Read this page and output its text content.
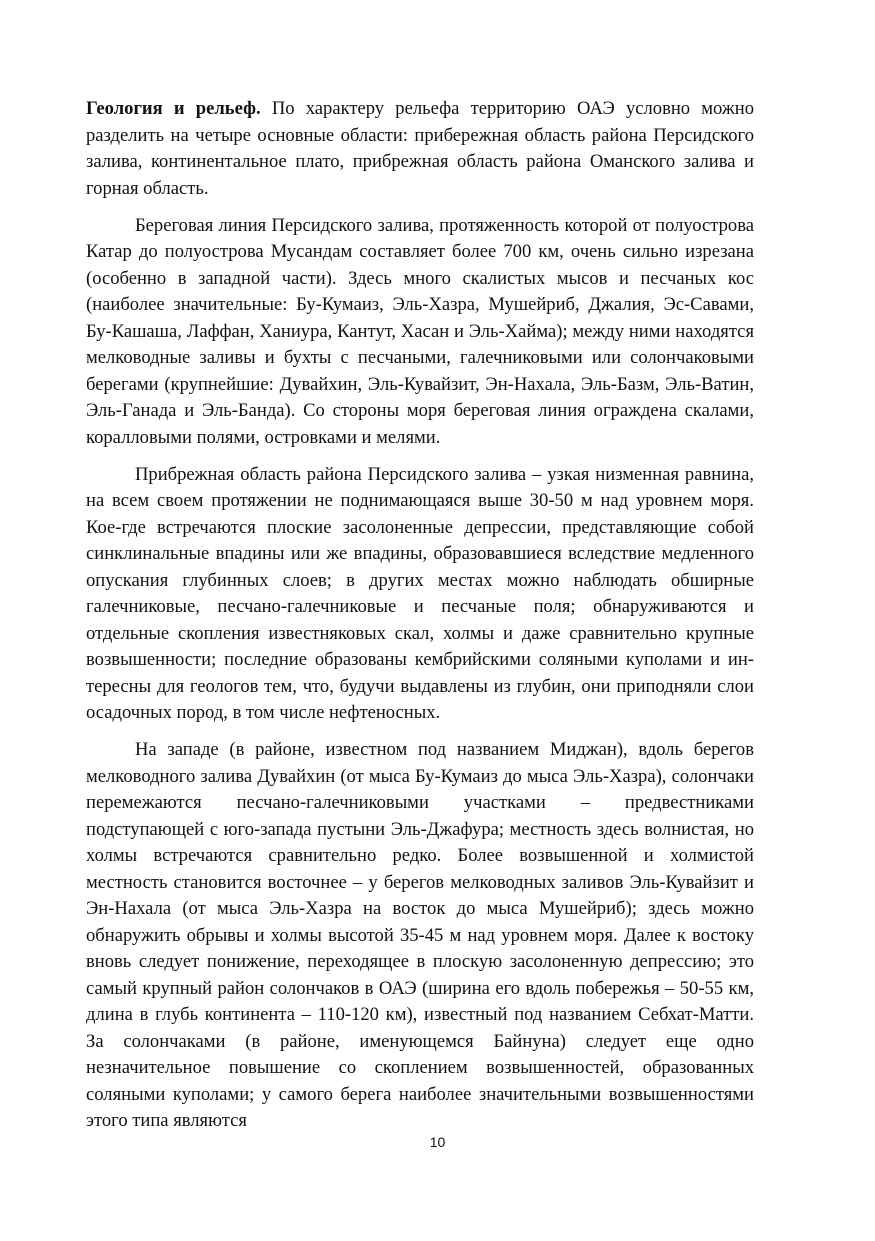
Геология и рельеф. По характеру рельефа территорию ОАЭ условно можно разделить на четыре основные области: прибережная область района Персидского залива, континентальное плато, прибрежная область района Оманского залива и горная область.

Береговая линия Персидского залива, протяженность которой от полуострова Катар до полуострова Мусандам составляет более 700 км, очень сильно изрезана (особенно в западной части). Здесь много скалистых мысов и песчаных кос (наиболее значительные: Бу-Кумаиз, Эль-Хазра, Мушейриб, Джалия, Эс-Савами, Бу-Кашаша, Лаффан, Ханиура, Кантут, Хасан и Эль-Хайма); между ними находятся мелководные заливы и бухты с песчаными, галечниковыми или солончаковыми берегами (крупнейшие: Дувайхин, Эль-Кувайзит, Эн-Нахала, Эль-Базм, Эль-Ватин, Эль-Ганада и Эль-Банда). Со стороны моря береговая линия ограждена скалами, коралловыми полями, островками и мелями.

Прибрежная область района Персидского залива – узкая низменная равнина, на всем своем протяжении не поднимающаяся выше 30-50 м над уровнем моря. Кое-где встречаются плоские засолоненные депрессии, представляющие собой синклинальные впадины или же впадины, образовавшиеся вследствие медленного опускания глубинных слоев; в других местах можно наблюдать обширные галечниковые, песчано-галечниковые и песчаные поля; обнаруживаются и отдельные скопления известняковых скал, холмы и даже сравнительно крупные возвышенности; последние образованы кембрийскими соляными куполами и интересны для геологов тем, что, будучи выдавлены из глубин, они приподняли слои осадочных пород, в том числе нефтеносных.

На западе (в районе, известном под названием Миджан), вдоль берегов мелководного залива Дувайхин (от мыса Бу-Кумаиз до мыса Эль-Хазра), солончаки перемежаются песчано-галечниковыми участками – предвестниками подступающей с юго-запада пустыни Эль-Джафура; местность здесь волнистая, но холмы встречаются сравнительно редко. Более возвышенной и холмистой местность становится восточнее – у берегов мелководных заливов Эль-Кувайзит и Эн-Нахала (от мыса Эль-Хазра на восток до мыса Мушейриб); здесь можно обнаружить обрывы и холмы высотой 35-45 м над уровнем моря. Далее к востоку вновь следует понижение, переходящее в плоскую засолоненную депрессию; это самый крупный район солончаков в ОАЭ (ширина его вдоль побережья – 50-55 км, длина в глубь континента – 110-120 км), известный под названием Себхат-Матти. За солончаками (в районе, именующемся Байнуна) следует еще одно незначительное повышение со скоплением возвышенностей, образованных соляными куполами; у самого берега наиболее значительными возвышенностями этого типа являются

10
